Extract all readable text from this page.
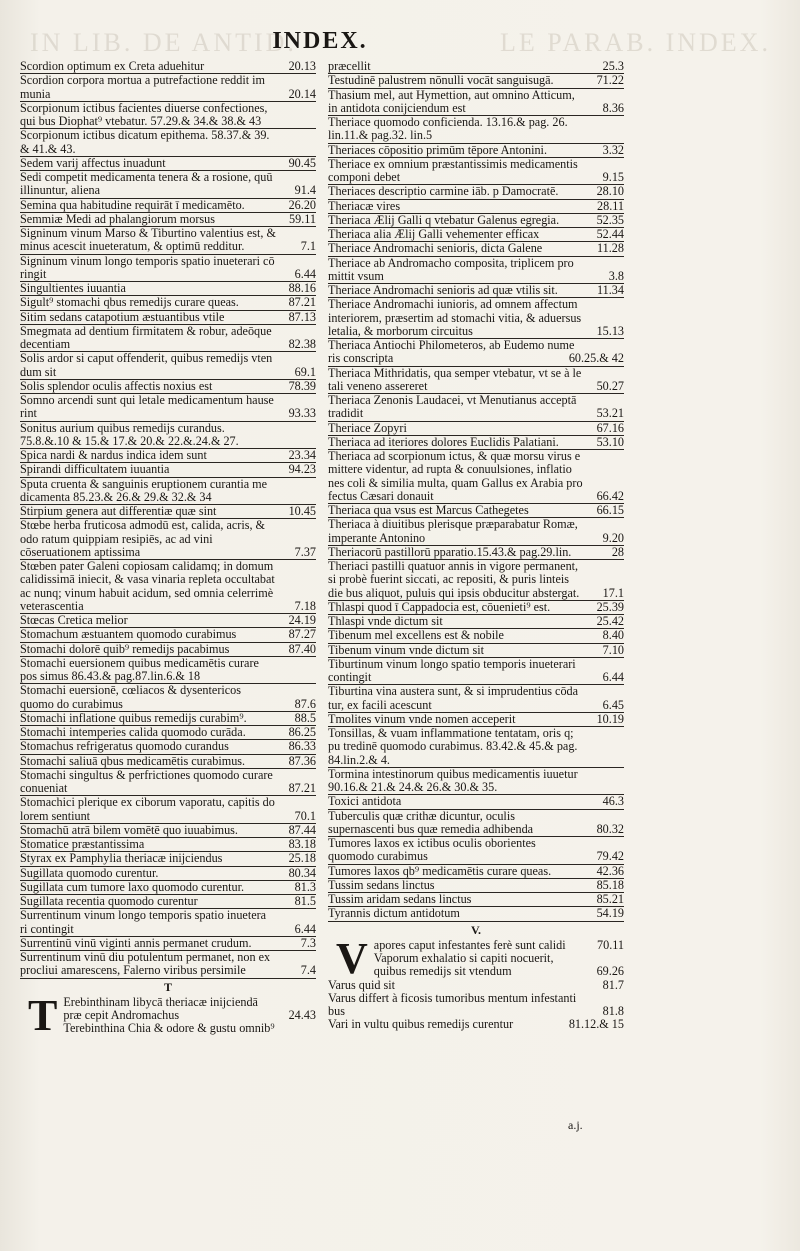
IN LIB. DE ANTID.	LE PARAB. INDEX.
INDEX.
Scordion optimum ex Creta aduehitur	20.13
Scordion corpora mortua a putrefactione reddit im munia	20.14
Scorpionum ictibus facientes diuerse confectiones, qui bus Diophat⁹ vtebatur. 57.29.& 34.& 38.& 43
Scorpionum ictibus dicatum epithema. 58.37.& 39. & 41.& 43.
Sedem varij affectus inuadunt	90.45
Sedi competit medicamenta tenera & a rosione, quū illinuntur, aliena	91.4
Semina qua habitudine requirāt ī medicamēto.	26.20
Semmiæ Medi ad phalangiorum morsus	59.11
Signinum vinum Marso & Tiburtino valentius est, & minus acescit inueteratum, & optimū redditur.	7.1
Signinum vinum longo temporis spatio inueterari cō ringit	6.44
Singultientes iuuantia	88.16
Sigult⁹ stomachi qbus remedijs curare queas.	87.21
Sitim sedans catapotium æstuantibus vtile	87.13
Smegmata ad dentium firmitatem & robur, adeōque decentiam	82.38
Solis ardor si caput offenderit, quibus remedijs vten dum sit	69.1
Solis splendor oculis affectis noxius est	78.39
Somno arcendi sunt qui letale medicamentum hause rint	93.33
Sonitus aurium quibus remedijs curandus. 75.8.&.10 & 15.& 17.& 20.& 22.&.24.& 27.
Spica nardi & nardus indica idem sunt	23.34
Spirandi difficultatem iuuantia	94.23
Sputa cruenta & sanguinis eruptionem curantia me dicamenta 85.23.& 26.& 29.& 32.& 34
Stirpium genera aut differentiæ quæ sint	10.45
Stœbe herba fruticosa admodū est, calida, acris, & odo ratum quippiam resipiēs, ac ad vini cōseruationem aptissima	7.37
Stœben pater Galeni copiosam calidamq; in domum calidissimā iniecit, & vasa vinaria repleta occultabat ac nunq; vinum habuit acidum, sed omnia celerrimè veterascentia	7.18
Stœcas Cretica melior	24.19
Stomachum æstuantem quomodo curabimus	87.27
Stomachi dolorē quib⁹ remedijs pacabimus	87.40
Stomachi euersionem quibus medicamētis curare pos simus 86.43.& pag.87.lin.6.& 18
Stomachi euersionē, cœliacos & dysentericos quomo do curabimus	87.6
Stomachi inflatione quibus remedijs curabim⁹.	88.5
Stomachi intemperies calida quomodo curāda.	86.25
Stomachus refrigeratus quomodo curandus	86.33
Stomachi saliuā qbus medicamētis curabimus.	87.36
Stomachi singultus & perfrictiones quomodo curare conueniat	87.21
Stomachici plerique ex ciborum vaporatu, capitis do lorem sentiunt	70.1
Stomachū atrā bilem vomētē quo iuuabimus.	87.44
Stomatice præstantissima	83.18
Styrax ex Pamphylia theriacæ inijciendus	25.18
Sugillata quomodo curentur.	80.34
Sugillata cum tumore laxo quomodo curentur.	81.3
Sugillata recentia quomodo curentur	81.5
Surrentinum vinum longo temporis spatio inuetera ri contingit	6.44
Surrentinū vinū viginti annis permanet crudum.	7.3
Surrentinum vinū diu potulentum permanet, non ex procliui amarescens, Falerno viribus persimile	7.4
T
T Erebinthinam libycā theriacæ inijciendā præ cepit Andromachus	24.43
Terebinthina Chia & odore & gustu omnib⁹
præcellit	25.3
Testudinē palustrem nōnulli vocāt sanguisugā.	71.22
Thasium mel, aut Hymettion, aut omnino Atticum, in antidota conijciendum est	8.36
Theriace quomodo conficienda. 13.16.& pag. 26. lin.11.& pag.32. lin.5
Theriaces cōpositio primūm tēpore Antonini.	3.32
Theriace ex omnium præstantissimis medicamentis componi debet	9.15
Theriaces descriptio carmine iāb. p Damocratē.	28.10
Theriacæ vires	28.11
Theriaca Ælij Galli q vtebatur Galenus egregia.	52.35
Theriaca alia Ælij Galli vehementer efficax	52.44
Theriace Andromachi senioris, dicta Galene	11.28
Theriace ab Andromacho composita, triplicem pro mittit vsum	3.8
Theriace Andromachi senioris ad quæ vtilis sit.	11.34
Theriace Andromachi iunioris, ad omnem affectum interiorem, præsertim ad stomachi vitia, & aduersus letalia, & morborum circuitus	15.13
Theriaca Antiochi Philometeros, ab Eudemo nume ris conscripta	60.25.& 42
Theriaca Mithridatis, qua semper vtebatur, vt se à le tali veneno assereret	50.27
Theriaca Zenonis Laudacei, vt Menutianus acceptā tradidit	53.21
Theriace Zopyri	67.16
Theriaca ad iteriores dolores Euclidis Palatiani.	53.10
Theriaca ad scorpionum ictus, & quæ morsu virus e mittere videntur, ad rupta & conuulsiones, inflatio nes coli & similia multa, quam Gallus ex Arabia pro fectus Cæsari donauit	66.42
Theriaca qua vsus est Marcus Cathegetes	66.15
Theriaca à diuitibus plerisque præparabatur Romæ, imperante Antonino	9.20
Theriacorū pastillorū pparatio.15.43.& pag.29.lin.	28
Theriaci pastilli quatuor annis in vigore permanent, si probè fuerint siccati, ac repositi, & puris linteis die bus aliquot, puluis qui ipsis obducitur abstergat.	17.1
Thlaspi quod ī Cappadocia est, cōuenieti⁹ est.	25.39
Thlaspi vnde dictum sit	25.42
Tibenum mel excellens est & nobile	8.40
Tibenum vinum vnde dictum sit	7.10
Tiburtinum vinum longo spatio temporis inueterari contingit	6.44
Tiburtina vina austera sunt, & si imprudentius cōda tur, ex facili acescunt	6.45
Tmolites vinum vnde nomen acceperit	10.19
Tonsillas, & vuam inflammatione tentatam, oris q; pu tredinē quomodo curabimus. 83.42.& 45.& pag. 84.lin.2.& 4.
Tormina intestinorum quibus medicamentis iuuetur 90.16.& 21.& 24.& 26.& 30.& 35.
Toxici antidota	46.3
Tuberculis quæ crithæ dicuntur, oculis supernascenti bus quæ remedia adhibenda	80.32
Tumores laxos ex ictibus oculis oborientes quomodo curabimus	79.42
Tumores laxos qb⁹ medicamētis curare queas.	42.36
Tussim sedans linctus	85.18
Tussim aridam sedans linctus	85.21
Tyrannis dictum antidotum	54.19
V.
V apores caput infestantes ferè sunt calidi	70.11
Vaporum exhalatio si capiti nocuerit, quibus remedijs sit vtendum	69.26
Varus quid sit	81.7
Varus differt à ficosis tumoribus mentum infestanti bus	81.8
Vari in vultu quibus remedijs curentur	81.12.& 15
a.j.
